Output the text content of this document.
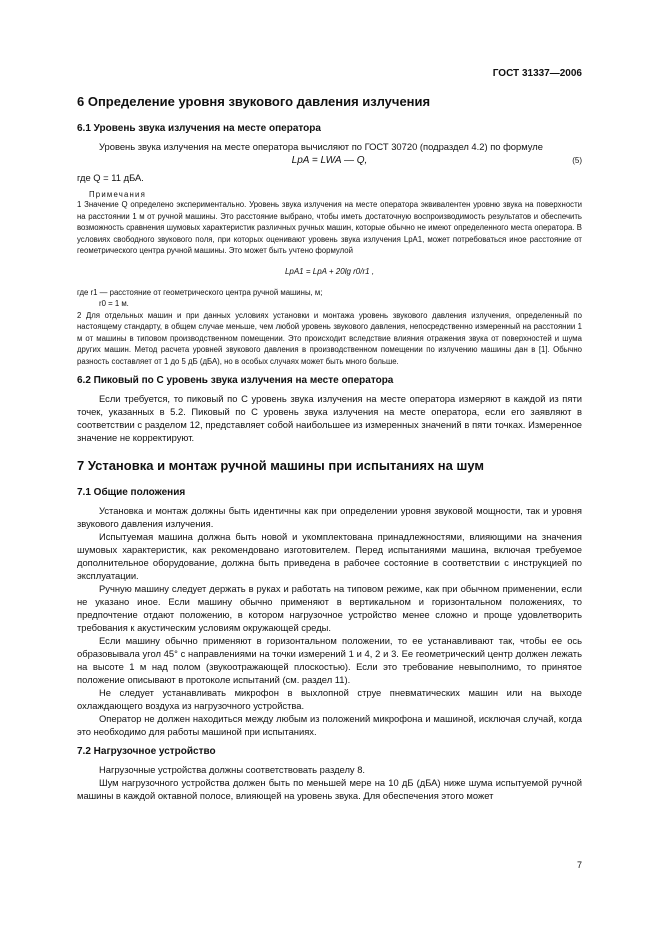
ГОСТ 31337—2006
6 Определение уровня звукового давления излучения
6.1 Уровень звука излучения на месте оператора

Уровень звука излучения на месте оператора вычисляют по ГОСТ 30720 (подраздел 4.2) по формуле

LpA = LWA — Q,	(5)

где Q = 11 дБА.

Примечания

1 Значение Q определено экспериментально. Уровень звука излучения на месте оператора эквивалентен уровню звука на поверхности на расстоянии 1 м от ручной машины. Это расстояние выбрано, чтобы иметь достаточную воспроизводимость результатов и обеспечить возможность сравнения шумовых характеристик различных ручных машин, которые обычно не имеют определенного места оператора. В условиях свободного звукового поля, при которых оценивают уровень звука излучения LpA1, может потребоваться иное расстояние от геометрического центра ручной машины. Это может быть учтено формулой

LpA1 = LpA + 20lg r0/r1 ,

где r1 — расстояние от геометрического центра ручной машины, м;

r0 = 1 м.

2 Для отдельных машин и при данных условиях установки и монтажа уровень звукового давления излучения, определенный по настоящему стандарту, в общем случае меньше, чем любой уровень звукового давления, непосредственно измеренный на расстоянии 1 м от машины в типовом производственном помещении. Это происходит вследствие влияния отражения звука от поверхностей и шума других машин. Метод расчета уровней звукового давления в производственном помещении по излучению машины дан в [1]. Обычно разность составляет от 1 до 5 дБ (дБА), но в особых случаях может быть много больше.

6.2 Пиковый по С уровень звука излучения на месте оператора

Если требуется, то пиковый по С уровень звука излучения на месте оператора измеряют в каждой из пяти точек, указанных в 5.2. Пиковый по С уровень звука излучения на месте оператора, если его заявляют в соответствии с разделом 12, представляет собой наибольшее из измеренных значений в пяти точках. Измеренное значение не корректируют.

7 Установка и монтаж ручной машины при испытаниях на шум
7.1 Общие положения

Установка и монтаж должны быть идентичны как при определении уровня звуковой мощности, так и уровня звукового давления излучения.

Испытуемая машина должна быть новой и укомплектована принадлежностями, влияющими на значения шумовых характеристик, как рекомендовано изготовителем. Перед испытаниями машина, включая требуемое дополнительное оборудование, должна быть приведена в рабочее состояние в соответствии с инструкцией по эксплуатации.

Ручную машину следует держать в руках и работать на типовом режиме, как при обычном применении, если не указано иное. Если машину обычно применяют в вертикальном и горизонтальном положениях, то предпочтение отдают положению, в котором нагрузочное устройство менее сложно и проще удовлетворить требования к акустическим условиям окружающей среды.

Если машину обычно применяют в горизонтальном положении, то ее устанавливают так, чтобы ее ось образовывала угол 45° с направлениями на точки измерений 1 и 4, 2 и 3. Ее геометрический центр должен лежать на высоте 1 м над полом (звукоотражающей плоскостью). Если это требование невыполнимо, то принятое положение описывают в протоколе испытаний (см. раздел 11).

Не следует устанавливать микрофон в выхлопной струе пневматических машин или на выходе охлаждающего воздуха из нагрузочного устройства.

Оператор не должен находиться между любым из положений микрофона и машиной, исключая случай, когда это необходимо для работы машиной при испытаниях.

7.2 Нагрузочное устройство

Нагрузочные устройства должны соответствовать разделу 8.

Шум нагрузочного устройства должен быть по меньшей мере на 10 дБ (дБА) ниже шума испытуемой ручной машины в каждой октавной полосе, влияющей на уровень звука. Для обеспечения этого может

7
